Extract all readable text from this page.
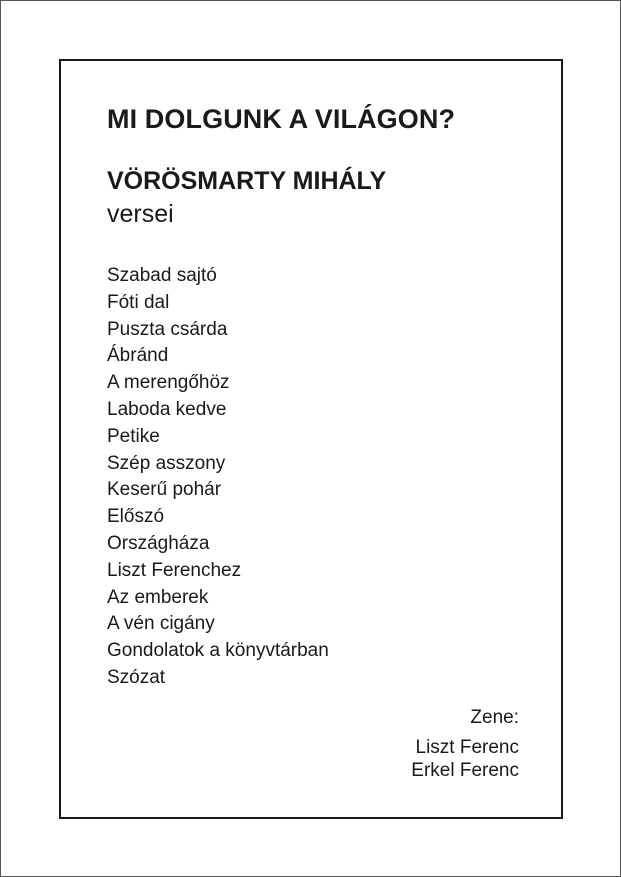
MI DOLGUNK A VILÁGON?
VÖRÖSMARTY MIHÁLY
versei
Szabad sajtó
Fóti dal
Puszta csárda
Ábránd
A merengőhöz
Laboda kedve
Petike
Szép asszony
Keserű pohár
Előszó
Országháza
Liszt Ferenchez
Az emberek
A vén cigány
Gondolatok a könyvtárban
Szózat
Zene:
Liszt Ferenc
Erkel Ferenc
